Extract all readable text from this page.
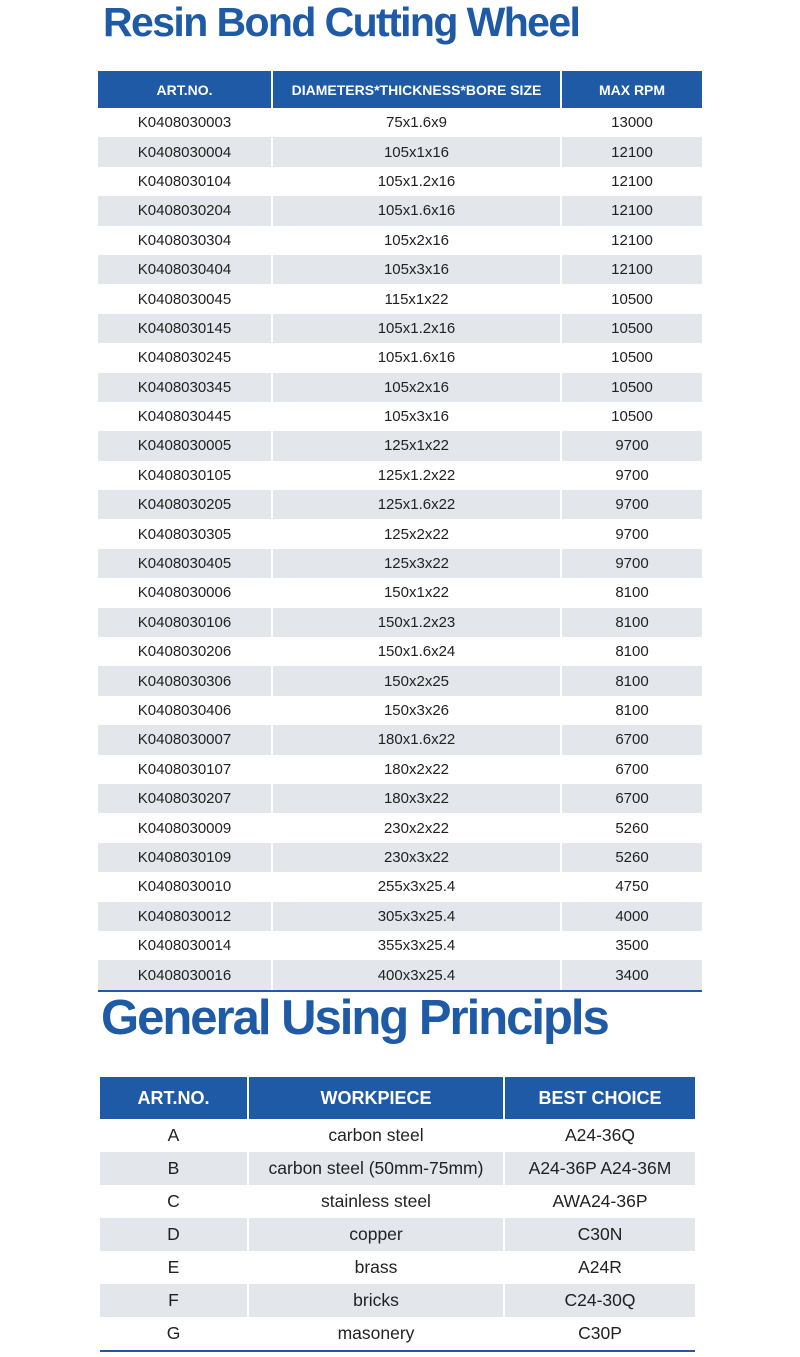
Resin Bond Cutting Wheel
ART.NO.	DIAMETERS*THICKNESS*BORE SIZE	MAX RPM
K0408030003	75x1.6x9	13000
K0408030004	105x1x16	12100
K0408030104	105x1.2x16	12100
K0408030204	105x1.6x16	12100
K0408030304	105x2x16	12100
K0408030404	105x3x16	12100
K0408030045	115x1x22	10500
K0408030145	105x1.2x16	10500
K0408030245	105x1.6x16	10500
K0408030345	105x2x16	10500
K0408030445	105x3x16	10500
K0408030005	125x1x22	9700
K0408030105	125x1.2x22	9700
K0408030205	125x1.6x22	9700
K0408030305	125x2x22	9700
K0408030405	125x3x22	9700
K0408030006	150x1x22	8100
K0408030106	150x1.2x23	8100
K0408030206	150x1.6x24	8100
K0408030306	150x2x25	8100
K0408030406	150x3x26	8100
K0408030007	180x1.6x22	6700
K0408030107	180x2x22	6700
K0408030207	180x3x22	6700
K0408030009	230x2x22	5260
K0408030109	230x3x22	5260
K0408030010	255x3x25.4	4750
K0408030012	305x3x25.4	4000
K0408030014	355x3x25.4	3500
K0408030016	400x3x25.4	3400
General Using Principls
ART.NO.	WORKPIECE	BEST CHOICE
A	carbon steel	A24-36Q
B	carbon steel (50mm-75mm)	A24-36P A24-36M
C	stainless steel	AWA24-36P
D	copper	C30N
E	brass	A24R
F	bricks	C24-30Q
G	masonery	C30P
